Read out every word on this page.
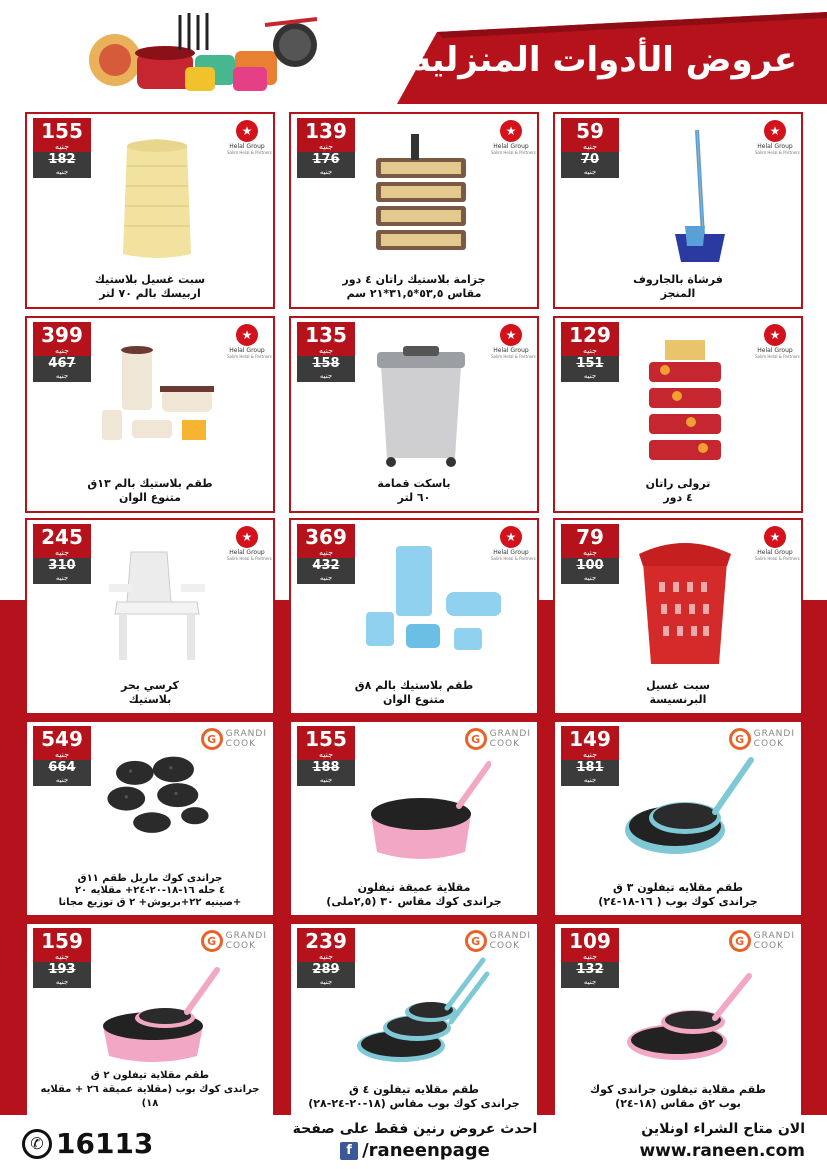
عروض الأدوات المنزلية
155
جنيه
182
جنيه
★
Helal Group
Salim Helal & Partners
سبت غسيل بلاستيك
اربيسك بالم ٧٠ لتر
139
جنيه
176
جنيه
★
Helal Group
Salim Helal & Partners
جزامة بلاستيك راتان ٤ دور
مقاس ٥٣,٥*٣١,٥*٢١ سم
59
جنيه
70
جنيه
★
Helal Group
Salim Helal & Partners
فرشاة بالجاروف
المنجز
399
جنيه
467
جنيه
★
Helal Group
Salim Helal & Partners
طقم بلاستيك بالم ١٣ق
متنوع الوان
135
جنيه
158
جنيه
★
Helal Group
Salim Helal & Partners
باسكت قمامة
٦٠ لتر
129
جنيه
151
جنيه
★
Helal Group
Salim Helal & Partners
ترولى راتان
٤ دور
245
جنيه
310
جنيه
★
Helal Group
Salim Helal & Partners
كرسي بحر
بلاستيك
369
جنيه
432
جنيه
★
Helal Group
Salim Helal & Partners
طقم بلاستيك بالم ٨ق
متنوع الوان
79
جنيه
100
جنيه
★
Helal Group
Salim Helal & Partners
سبت غسيل
البرنسيسة
549
جنيه
664
جنيه
G	GRANDI
COOK
جراندى كوك ماربل طقم ١١ق
٤ حله ١٦-١٨-٢٠-٢٤+ مقلايه ٢٠
+صينيه ٢٢+بريوش+ ٢ ق توزيع مجانا
155
جنيه
188
جنيه
G	GRANDI
COOK
مقلاية عميقة تيفلون
جراندى كوك مقاس ٣٠ (٢,٥ملى)
149
جنيه
181
جنيه
G	GRANDI
COOK
طقم مقلايه تيفلون ٣ ق
جراندى كوك بوب ( ١٦-١٨-٢٤)
159
جنيه
193
جنيه
G	GRANDI
COOK
طقم مقلاية تيفلون ٢ ق
جراندى كوك بوب (مقلاية عميقة ٢٦ + مقلايه ١٨)
239
جنيه
289
جنيه
G	GRANDI
COOK
طقم مقلايه تيفلون ٤ ق
جراندى كوك بوب مقاس (١٨-٢٠-٢٤-٢٨)
109
جنيه
132
جنيه
G	GRANDI
COOK
طقم مقلاية تيفلون جراندى كوك
بوب ٢ق مقاس (١٨-٢٤)
✆ 16113	احدث عروض رنين فقط على صفحة
f /raneenpage
الان متاح الشراء اونلاين
www.raneen.com
